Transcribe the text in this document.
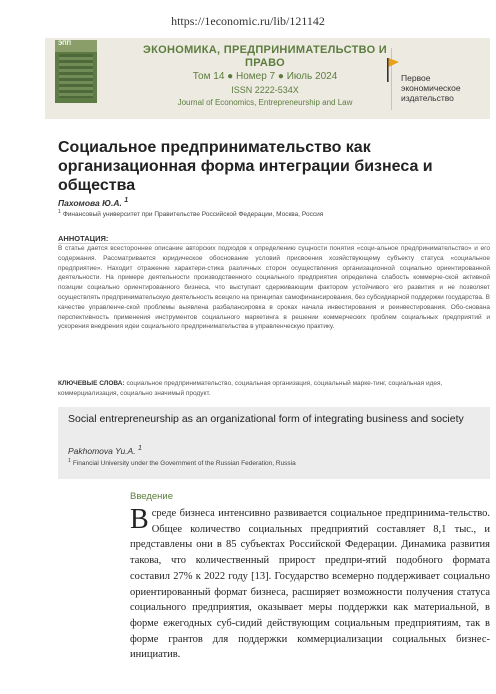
https://1economic.ru/lib/121142
ЭПП	ЭКОНОМИКА, ПРЕДПРИНИМАТЕЛЬСТВО И ПРАВО
Том 14 ● Номер 7 ● Июль 2024
ISSN 2222-534X
Journal of Economics, Entrepreneurship and Law
Первое экономическое издательство
Социальное предпринимательство как организационная форма интеграции бизнеса и общества
Пахомова Ю.А. $^1$
$^1$ Финансовый университет при Правительстве Российской Федерации, Москва, Россия
АННОТАЦИЯ:
В статье дается всестороннее описание авторских подходов к определению сущности понятия «соци-альное предпринимательство» и его содержания. Рассматривается юридическое обоснование условий присвоения хозяйствующему субъекту статуса «социальное предприятие». Находит отражение характери-стика различных сторон осуществления организационной социально ориентированной деятельности. На примере деятельности производственного социального предприятия определена слабость коммерче-ской активной позиции социально ориентированного бизнеса, что выступает сдерживающим фактором устойчивого его развития и не позволяет осуществлять предпринимательскую деятельность всецело на принципах самофинансирования, без субсидиарной поддержки государства. В качестве управленче-ской проблемы выявлена разбалансировка в сроках начала инвестирования и реинвестирования. Обо-снована перспективность применения инструментов социального маркетинга в решении коммерческих проблем социальных предприятий и ускорения внедрения идеи социального предпринимательства в управленческую практику.
КЛЮЧЕВЫЕ СЛОВА: социальное предпринимательство, социальная организация, социальный марке-тинг, социальная идея, коммерциализация, социально значимый продукт.
Social entrepreneurship as an organizational form of integrating business and society
Pakhomova Yu.A. $^1$
$^1$ Financial University under the Government of the Russian Federation, Russia
Введение
Всреде бизнеса интенсивно развивается социальное предпринима-тельство. Общее количество социальных предприятий составляет 8,1 тыс., и представлены они в 85 субъектах Российской Федерации. Динамика развития такова, что количественный прирост предпри-ятий подобного формата составил 27% к 2022 году [13]. Государство всемерно поддерживает социально ориентированный формат бизнеса, расширяет возможности получения статуса социального предприятия, оказывает меры поддержки как материальной, в форме ежегодных суб-сидий действующим социальным предприятиям, так в форме грантов для поддержки коммерциализации социальных бизнес-инициатив.
